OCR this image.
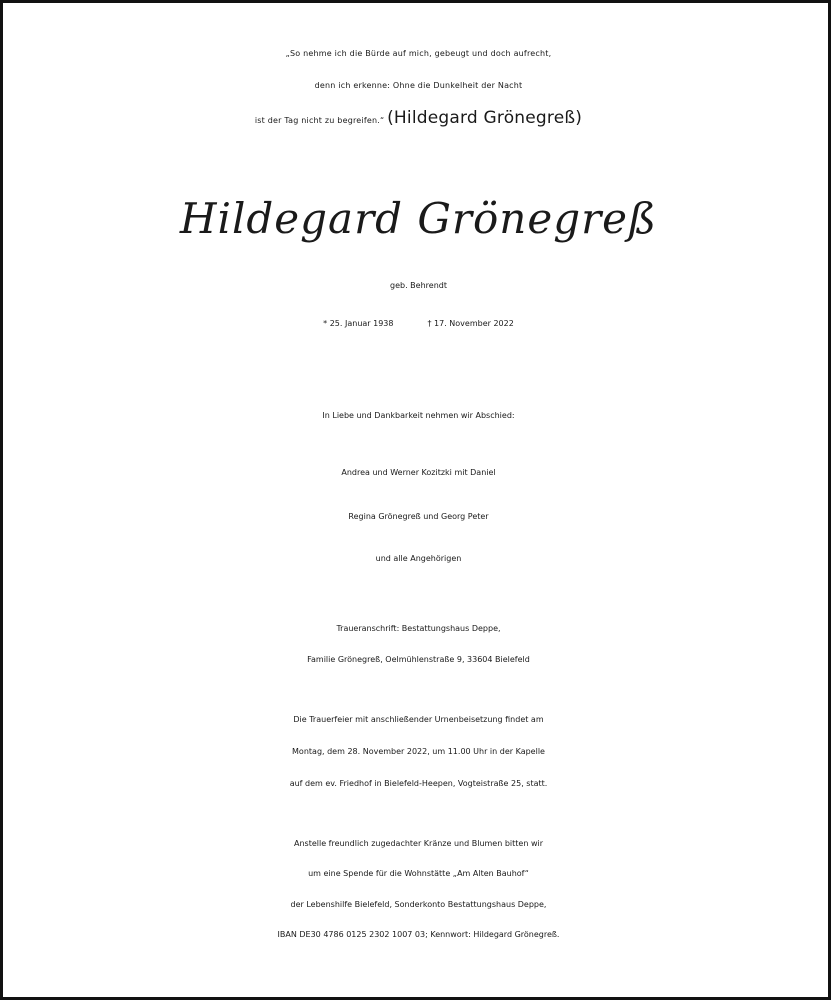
„So nehme ich die Bürde auf mich, gebeugt und doch aufrecht,
denn ich erkenne: Ohne die Dunkelheit der Nacht
ist der Tag nicht zu begreifen.“ (Hildegard Grönegreß)
Hildegard Grönegreß
geb. Behrendt
* 25. Januar 1938	† 17. November 2022
In Liebe und Dankbarkeit nehmen wir Abschied:
Andrea und Werner Kozitzki mit Daniel
Regina Grönegreß und Georg Peter
und alle Angehörigen
Traueranschrift: Bestattungshaus Deppe,
Familie Grönegreß, Oelmühlenstraße 9, 33604 Bielefeld
Die Trauerfeier mit anschließender Urnenbeisetzung findet am
Montag, dem 28. November 2022, um 11.00 Uhr in der Kapelle
auf dem ev. Friedhof in Bielefeld-Heepen, Vogteistraße 25, statt.
Anstelle freundlich zugedachter Kränze und Blumen bitten wir
um eine Spende für die Wohnstätte „Am Alten Bauhof“
der Lebenshilfe Bielefeld, Sonderkonto Bestattungshaus Deppe,
IBAN DE30 4786 0125 2302 1007 03; Kennwort: Hildegard Grönegreß.
